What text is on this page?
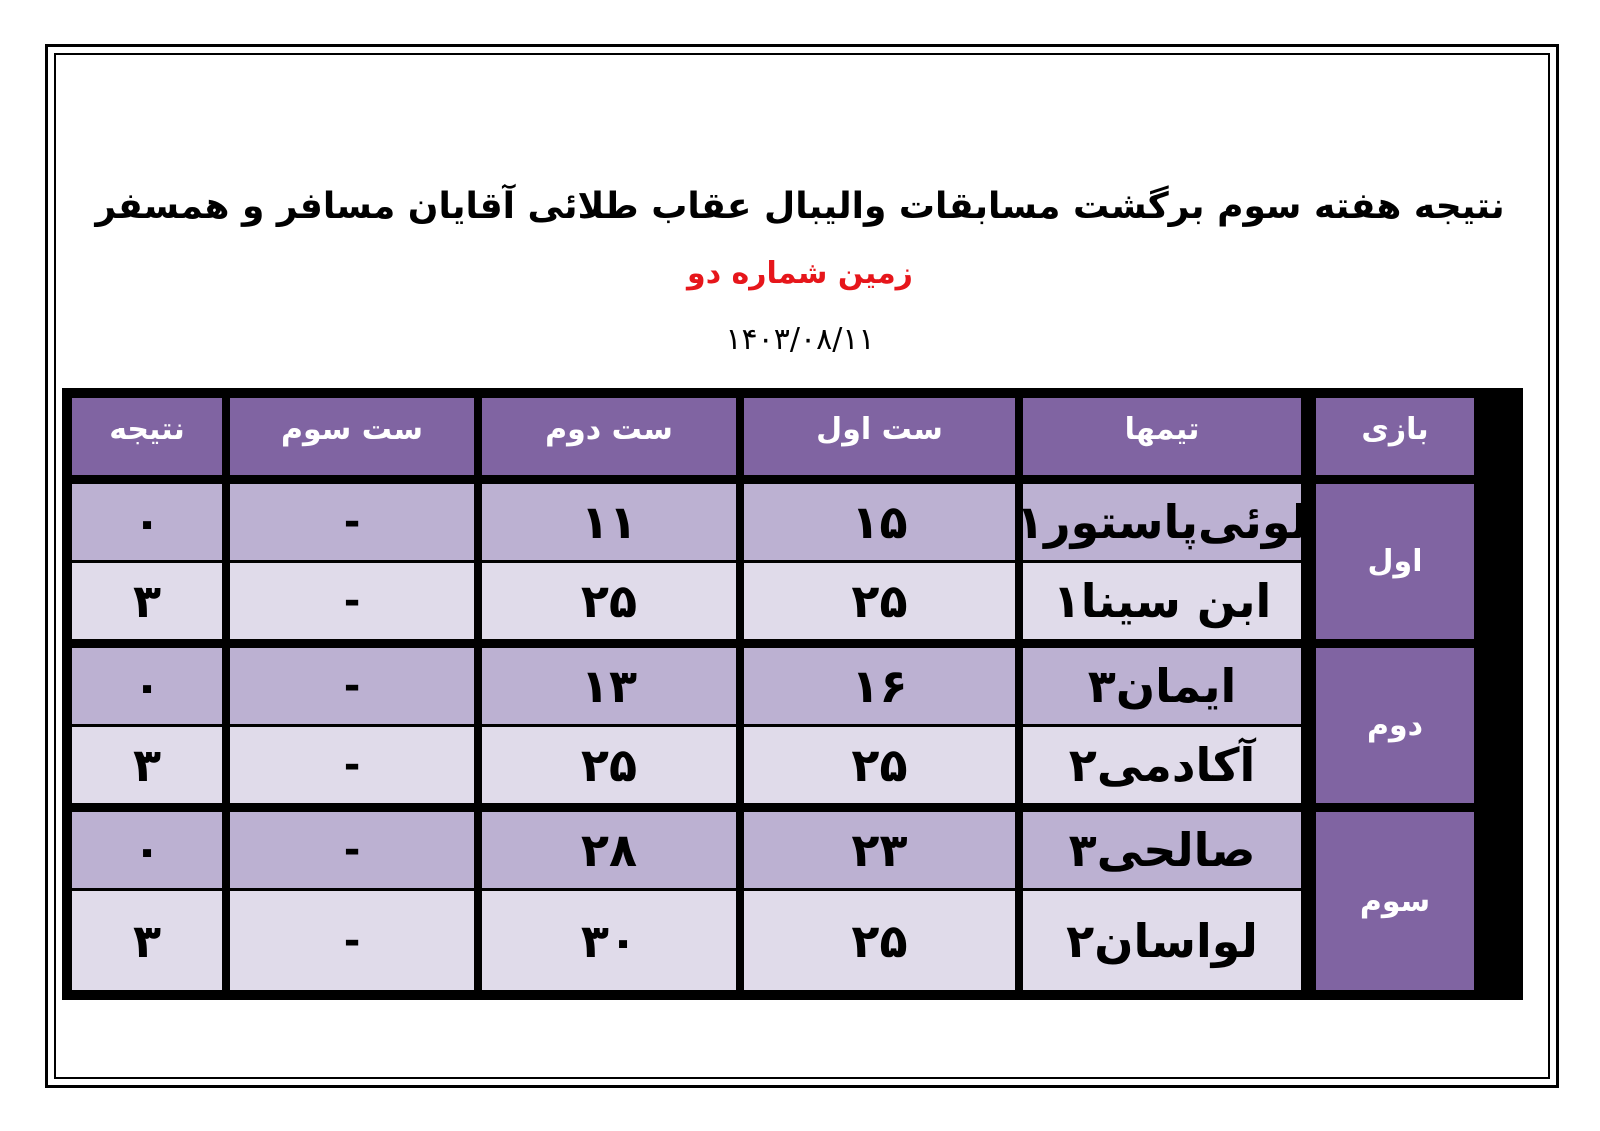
نتیجه هفته سوم برگشت مسابقات والیبال عقاب طلائی آقایان مسافر و همسفر
زمین شماره دو
۱۴۰۳/۰۸/۱۱
بازی
تیمها
ست اول
ست دوم
ست سوم
نتیجه
اول
لوئی‌پاستور۱
۱۵
۱۱
-
۰
ابن سینا۱
۲۵
۲۵
-
۳
دوم
ایمان۳
۱۶
۱۳
-
۰
آکادمی۲
۲۵
۲۵
-
۳
سوم
صالحی۳
۲۳
۲۸
-
۰
لواسان۲
۲۵
۳۰
-
۳
